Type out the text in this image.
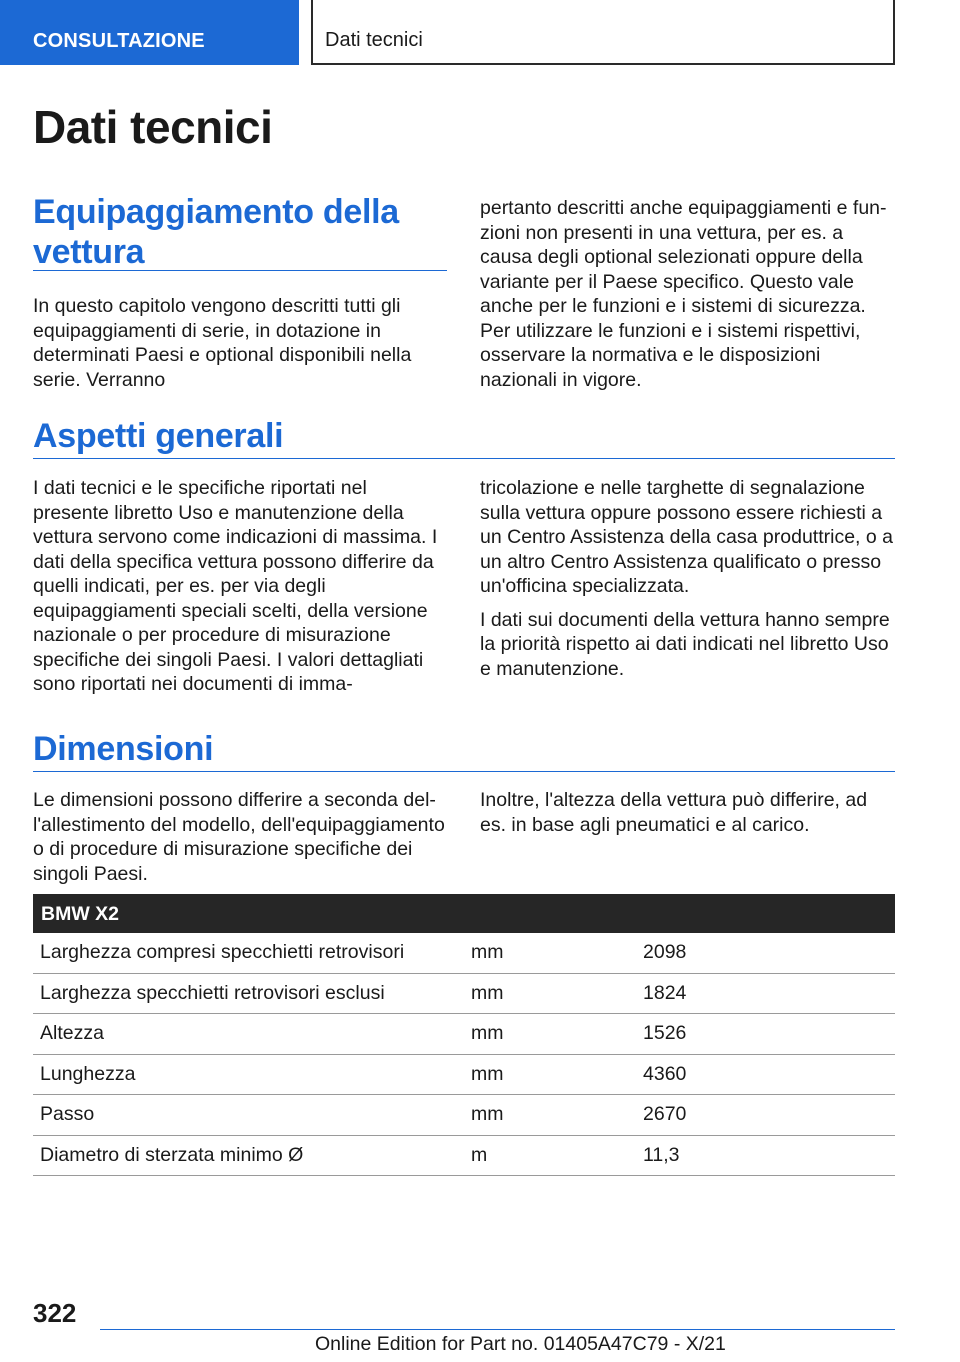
CONSULTAZIONE	Dati tecnici
Dati tecnici
Equipaggiamento della
vettura

In questo capitolo vengono descritti tutti gli equipaggiamenti di serie, in dotazione in determinati Paesi e optional disponibili nella serie. Verranno

pertanto descritti anche equipaggiamenti e funzioni non presenti in una vettura, per es. a causa degli optional selezionati oppure della variante per il Paese specifico. Questo vale anche per le funzioni e i sistemi di sicurezza. Per utilizzare le funzioni e i sistemi rispettivi, osservare la normativa e le disposizioni nazionali in vigore.

Aspetti generali

I dati tecnici e le specifiche riportati nel presente libretto Uso e manutenzione della vettura servono come indicazioni di massima. I dati della specifica vettura possono differire da quelli indicati, per es. per via degli equipaggiamenti speciali scelti, della versione nazionale o per procedure di misurazione specifiche dei singoli Paesi. I valori dettagliati sono riportati nei documenti di imma-

tricolazione e nelle targhette di segnalazione sulla vettura oppure possono essere richiesti a un Centro Assistenza della casa produttrice, o a un altro Centro Assistenza qualificato o presso un'officina specializzata.

I dati sui documenti della vettura hanno sempre la priorità rispetto ai dati indicati nel libretto Uso e manutenzione.

Dimensioni

Le dimensioni possono differire a seconda dell'allestimento del modello, dell'equipaggiamento o di procedure di misurazione specifiche dei singoli Paesi.

Inoltre, l'altezza della vettura può differire, ad es. in base agli pneumatici e al carico.

BMW X2
Larghezza compresi specchietti retrovisori	mm	2098
Larghezza specchietti retrovisori esclusi	mm	1824
Altezza	mm	1526
Lunghezza	mm	4360
Passo	mm	2670
Diametro di sterzata minimo Ø	m	11,3
322
Online Edition for Part no. 01405A47C79 - X/21
